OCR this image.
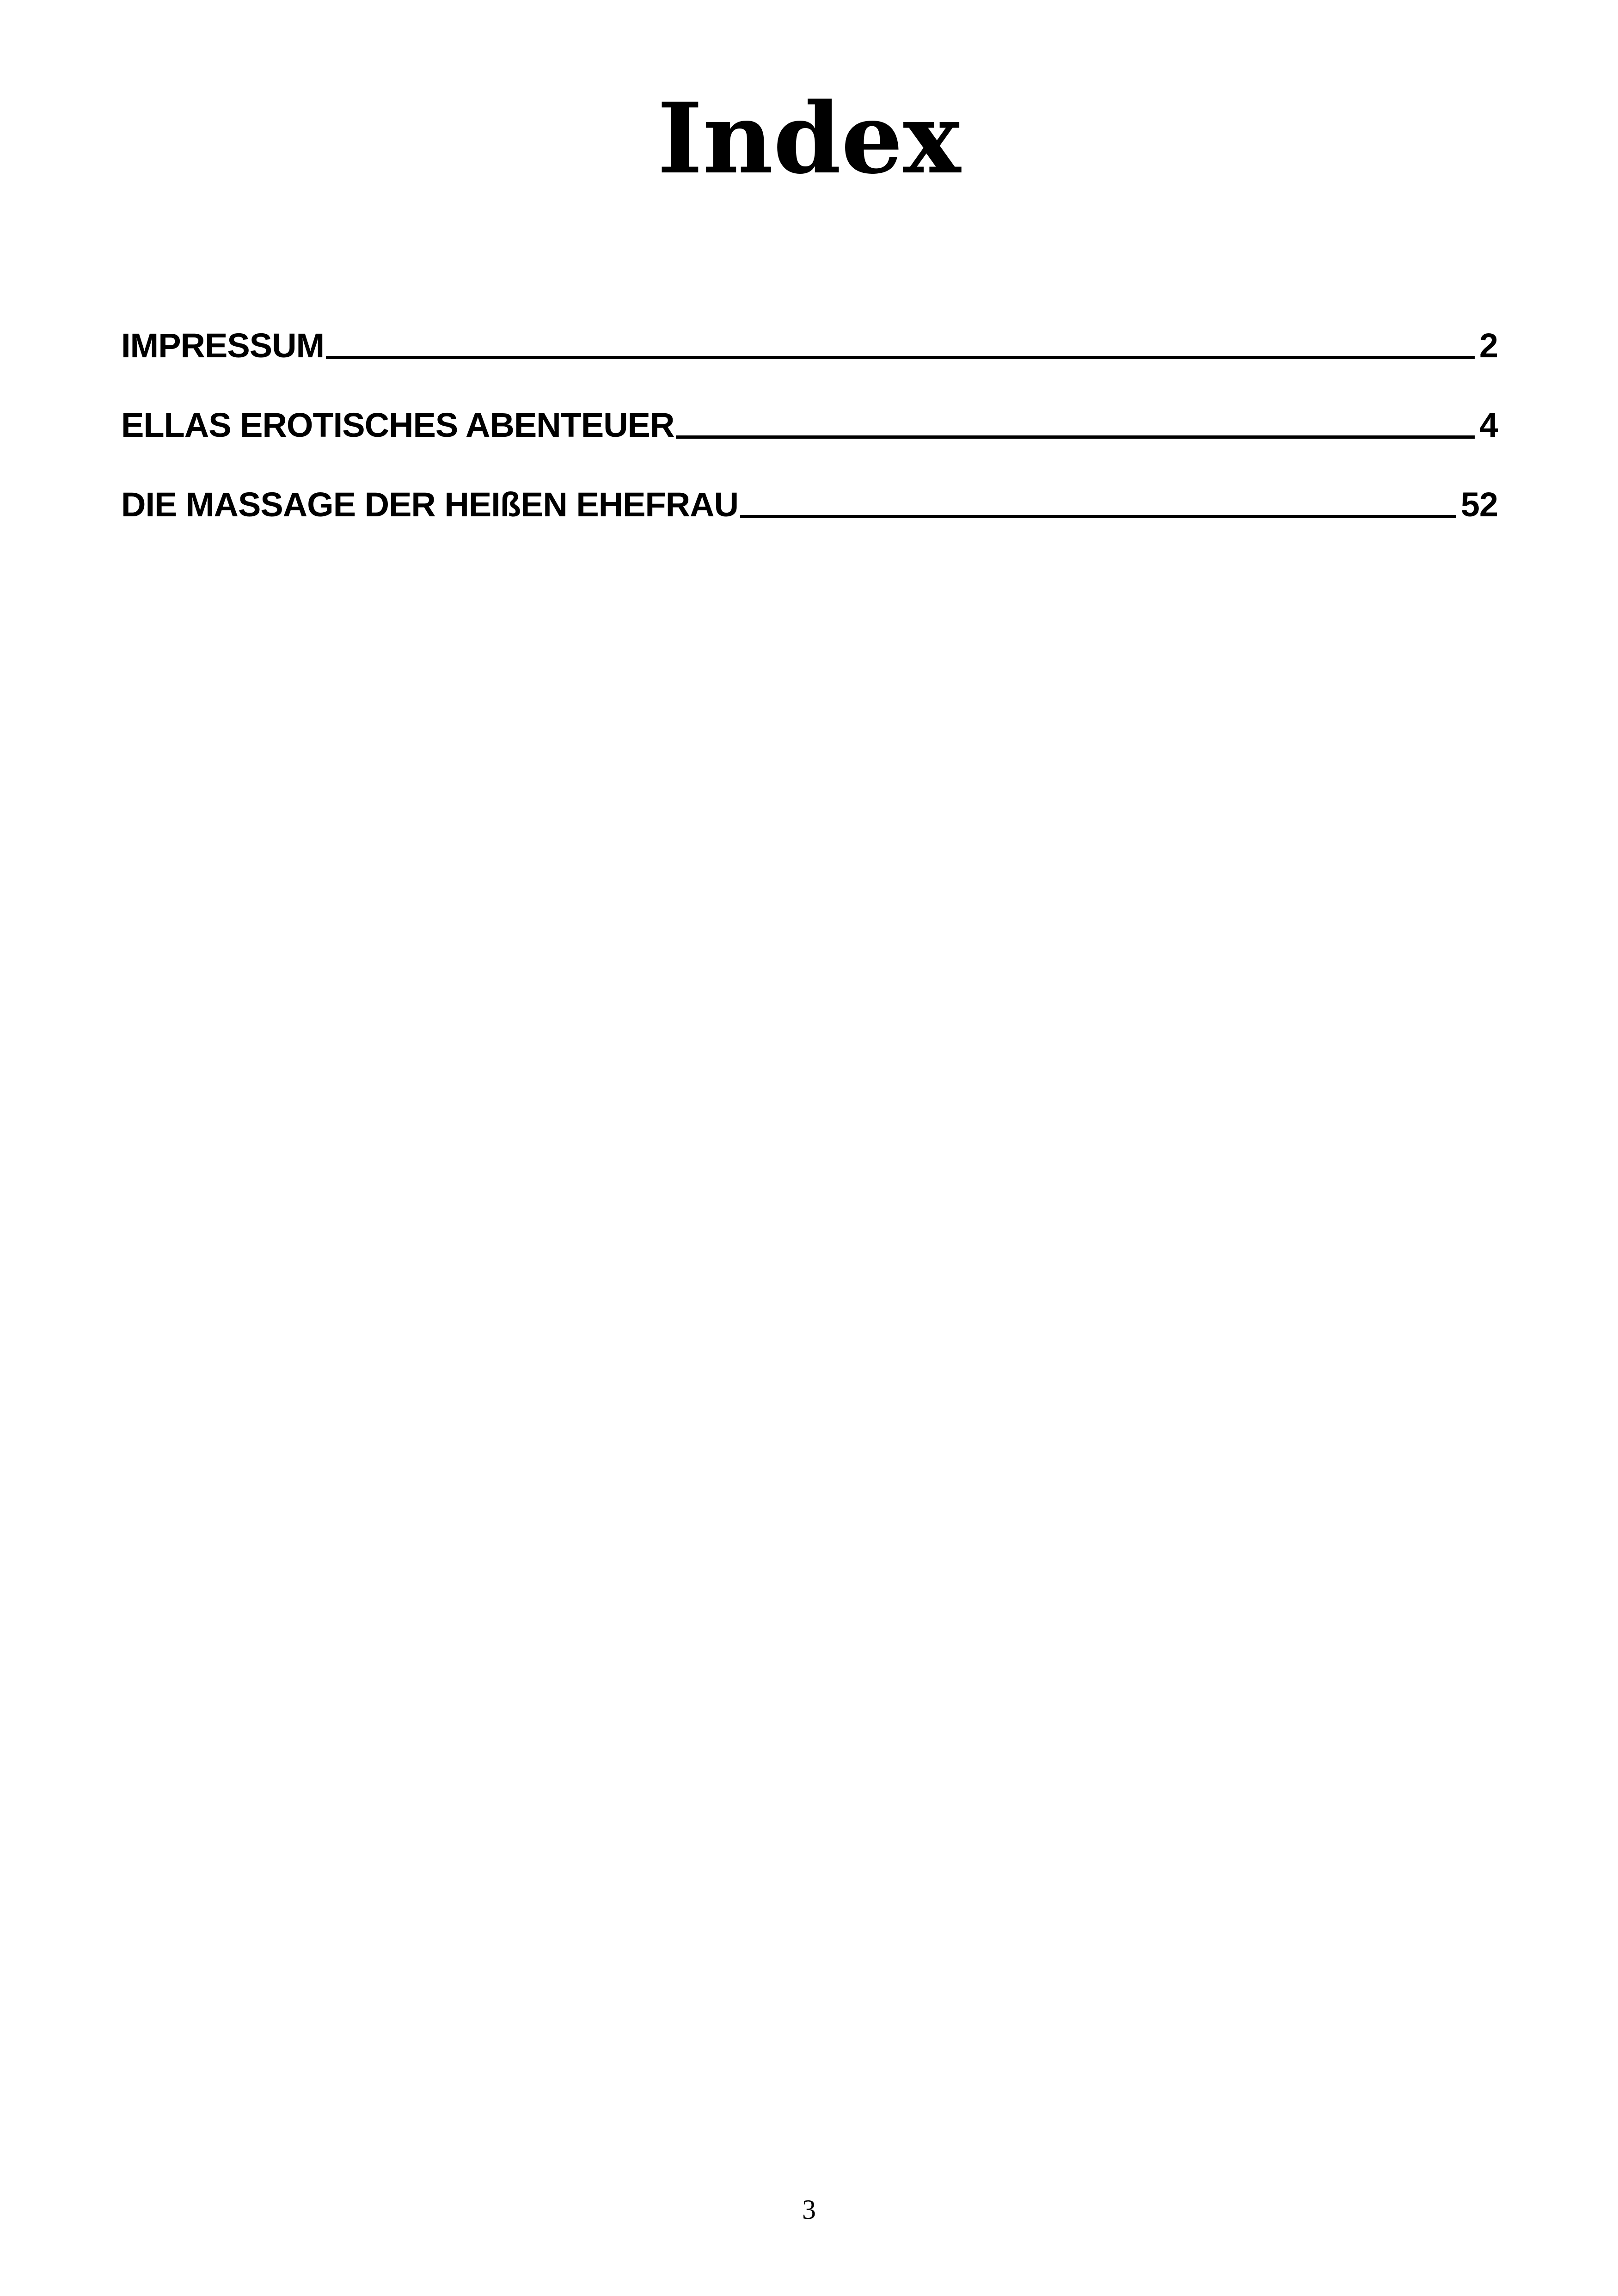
Index
IMPRESSUM	2
ELLAS EROTISCHES ABENTEUER	4
DIE MASSAGE DER HEIßEN EHEFRAU	52
3
